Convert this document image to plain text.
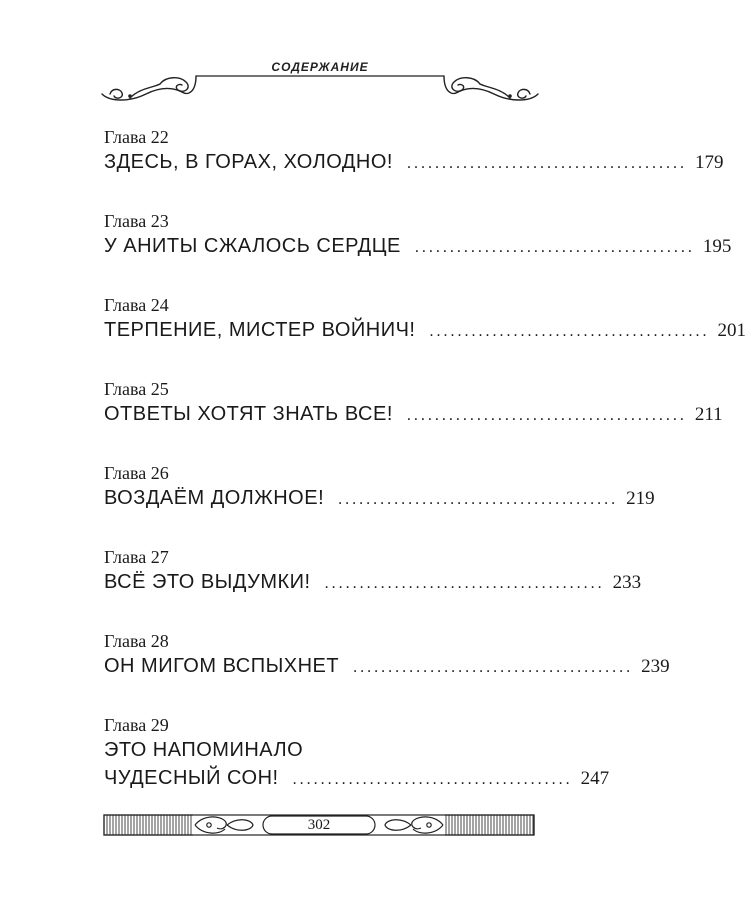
СОДЕРЖАНИЕ
Глава 22
ЗДЕСЬ, В ГОРАХ, ХОЛОДНО! ........................................ 179
Глава 23
У АНИТЫ СЖАЛОСЬ СЕРДЦЕ ........................................ 195
Глава 24
ТЕРПЕНИЕ, МИСТЕР ВОЙНИЧ! ........................................ 201
Глава 25
ОТВЕТЫ ХОТЯТ ЗНАТЬ ВСЕ! ........................................ 211
Глава 26
ВОЗДАЁМ ДОЛЖНОЕ! ........................................ 219
Глава 27
ВСЁ ЭТО ВЫДУМКИ! ........................................ 233
Глава 28
ОН МИГОМ ВСПЫХНЕТ ........................................ 239
Глава 29
ЭТО НАПОМИНАЛО
ЧУДЕСНЫЙ СОН! ........................................ 247
302
